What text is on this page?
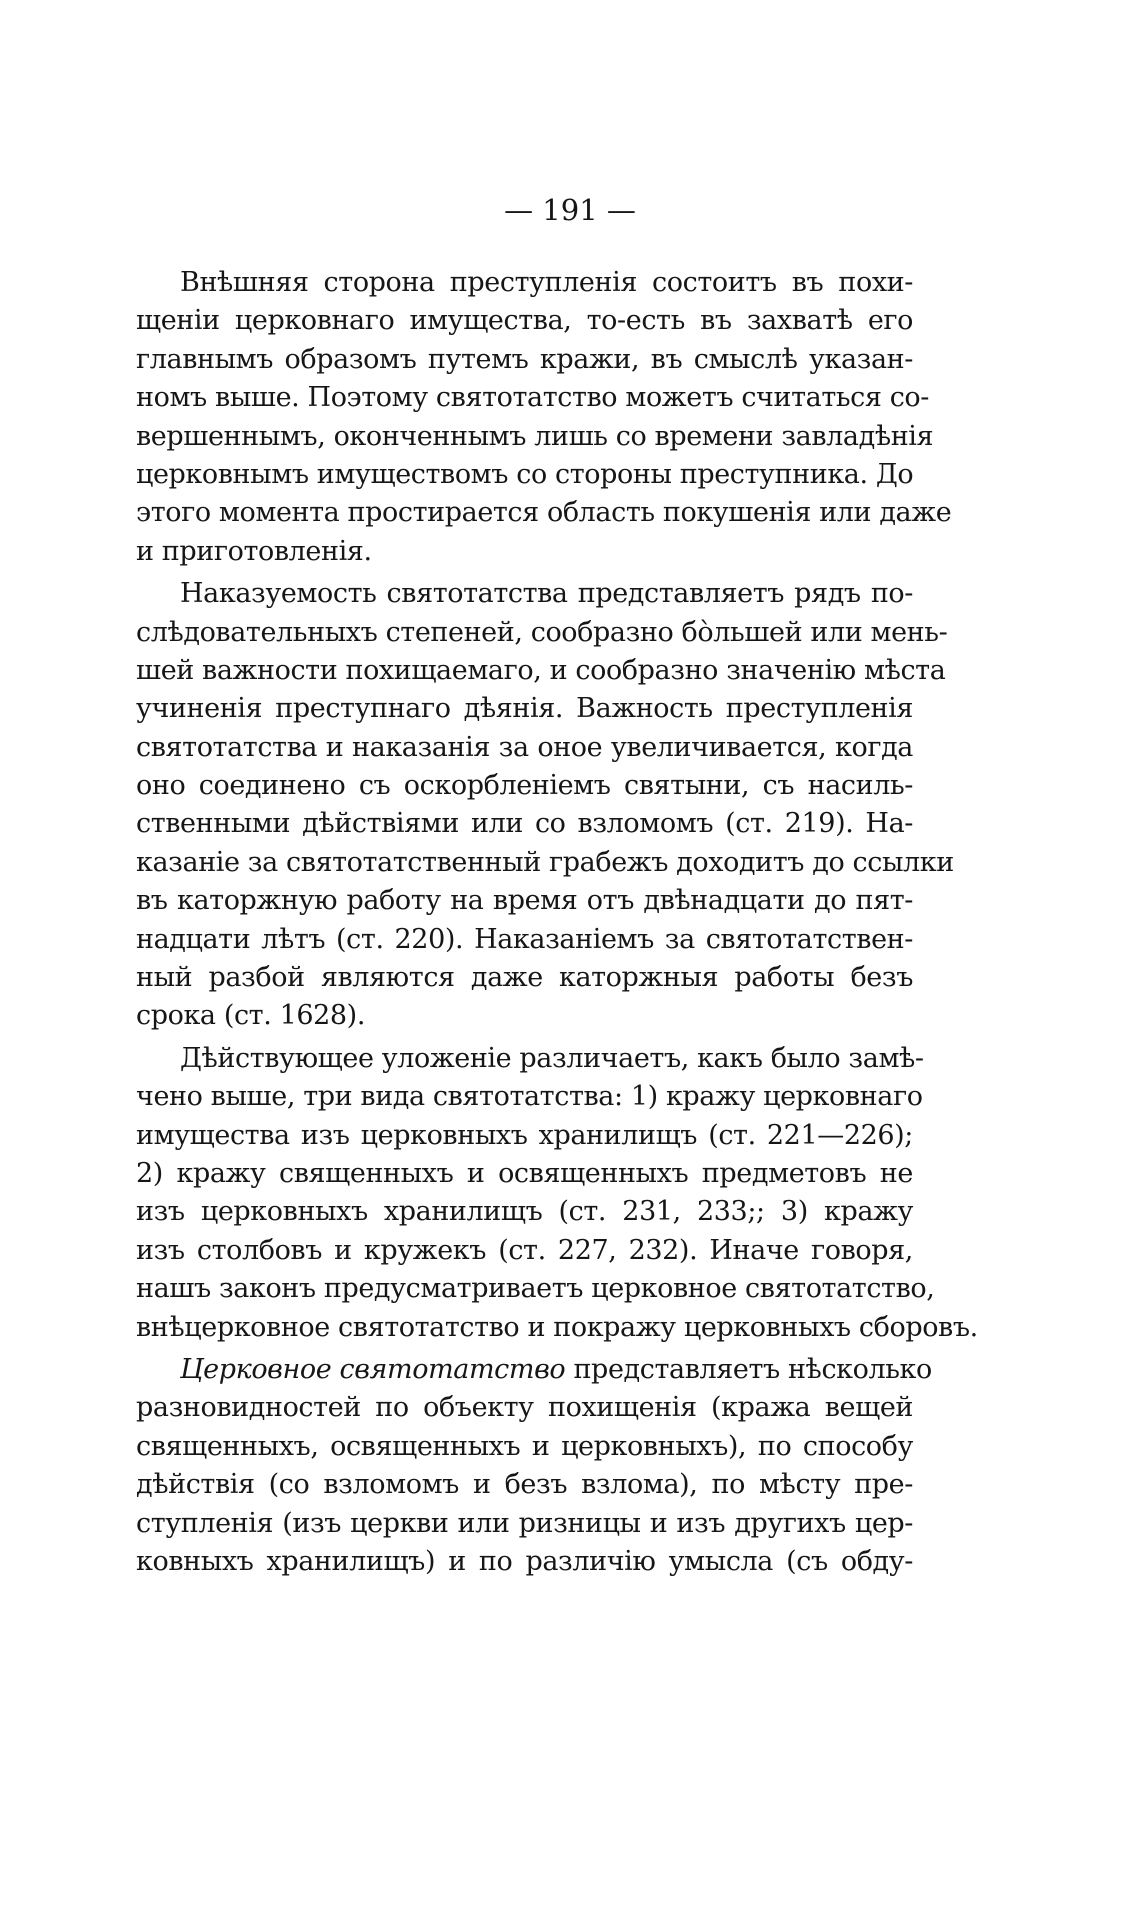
— 191 —
Внѣшняя сторона преступленія состоитъ въ похи-
щеніи церковнаго имущества, то-есть въ захватѣ его
главнымъ образомъ путемъ кражи, въ смыслѣ указан-
номъ выше. Поэтому святотатство можетъ считаться со-
вершеннымъ, оконченнымъ лишь со времени завладѣнія
церковнымъ имуществомъ со стороны преступника. До
этого момента простирается область покушенія или даже
и приготовленія.
Наказуемость святотатства представляетъ рядъ по-
слѣдовательныхъ степеней, сообразно бо̀льшей или мень-
шей важности похищаемаго, и сообразно значенію мѣста
учиненія преступнаго дѣянія. Важность преступленія
святотатства и наказанія за оное увеличивается, когда
оно соединено съ оскорбленіемъ святыни, съ насиль-
ственными дѣйствіями или со взломомъ (ст. 219). На-
казаніе за святотатственный грабежъ доходитъ до ссылки
въ каторжную работу на время отъ двѣнадцати до пят-
надцати лѣтъ (ст. 220). Наказаніемъ за святотатствен-
ный разбой являются даже каторжныя работы безъ
срока (ст. 1628).
Дѣйствующее уложеніе различаетъ, какъ было замѣ-
чено выше, три вида святотатства: 1) кражу церковнаго
имущества изъ церковныхъ хранилищъ (ст. 221—226);
2) кражу священныхъ и освященныхъ предметовъ не
изъ церковныхъ хранилищъ (ст. 231, 233;; 3) кражу
изъ столбовъ и кружекъ (ст. 227, 232). Иначе говоря,
нашъ законъ предусматриваетъ церковное святотатство,
внѣцерковное святотатство и покражу церковныхъ сборовъ.
Церковное святотатство представляетъ нѣсколько
разновидностей по объекту похищенія (кража вещей
священныхъ, освященныхъ и церковныхъ), по способу
дѣйствія (со взломомъ и безъ взлома), по мѣсту пре-
ступленія (изъ церкви или ризницы и изъ другихъ цер-
ковныхъ хранилищъ) и по различію умысла (съ обду-
